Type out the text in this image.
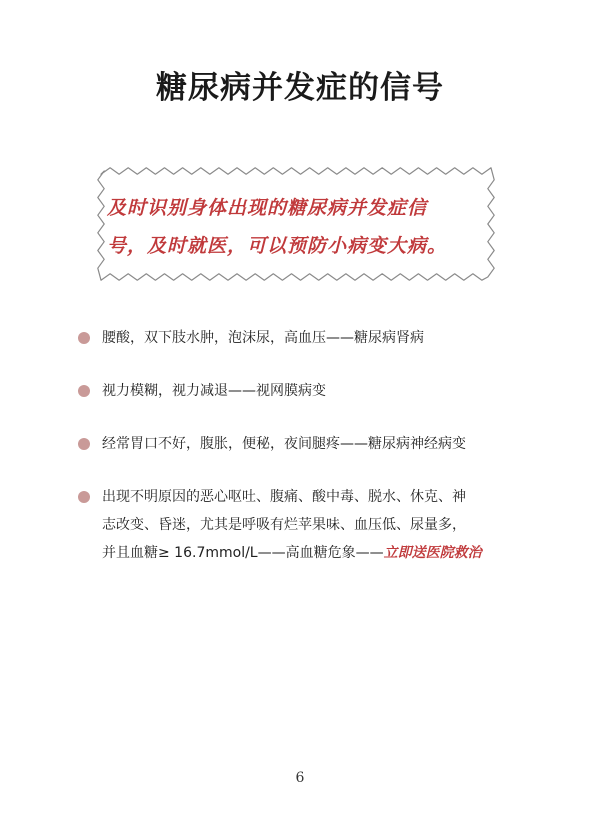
糖尿病并发症的信号
及时识别身体出现的糖尿病并发症信
号，及时就医，可以预防小病变大病。
腰酸，双下肢水肿，泡沫尿，高血压——糖尿病肾病
视力模糊，视力减退——视网膜病变
经常胃口不好，腹胀，便秘，夜间腿疼——糖尿病神经病变
出现不明原因的恶心呕吐、腹痛、酸中毒、脱水、休克、神
志改变、昏迷，尤其是呼吸有烂苹果味、血压低、尿量多，
并且血糖≥ 16.7mmol/L——高血糖危象——立即送医院救治
6
